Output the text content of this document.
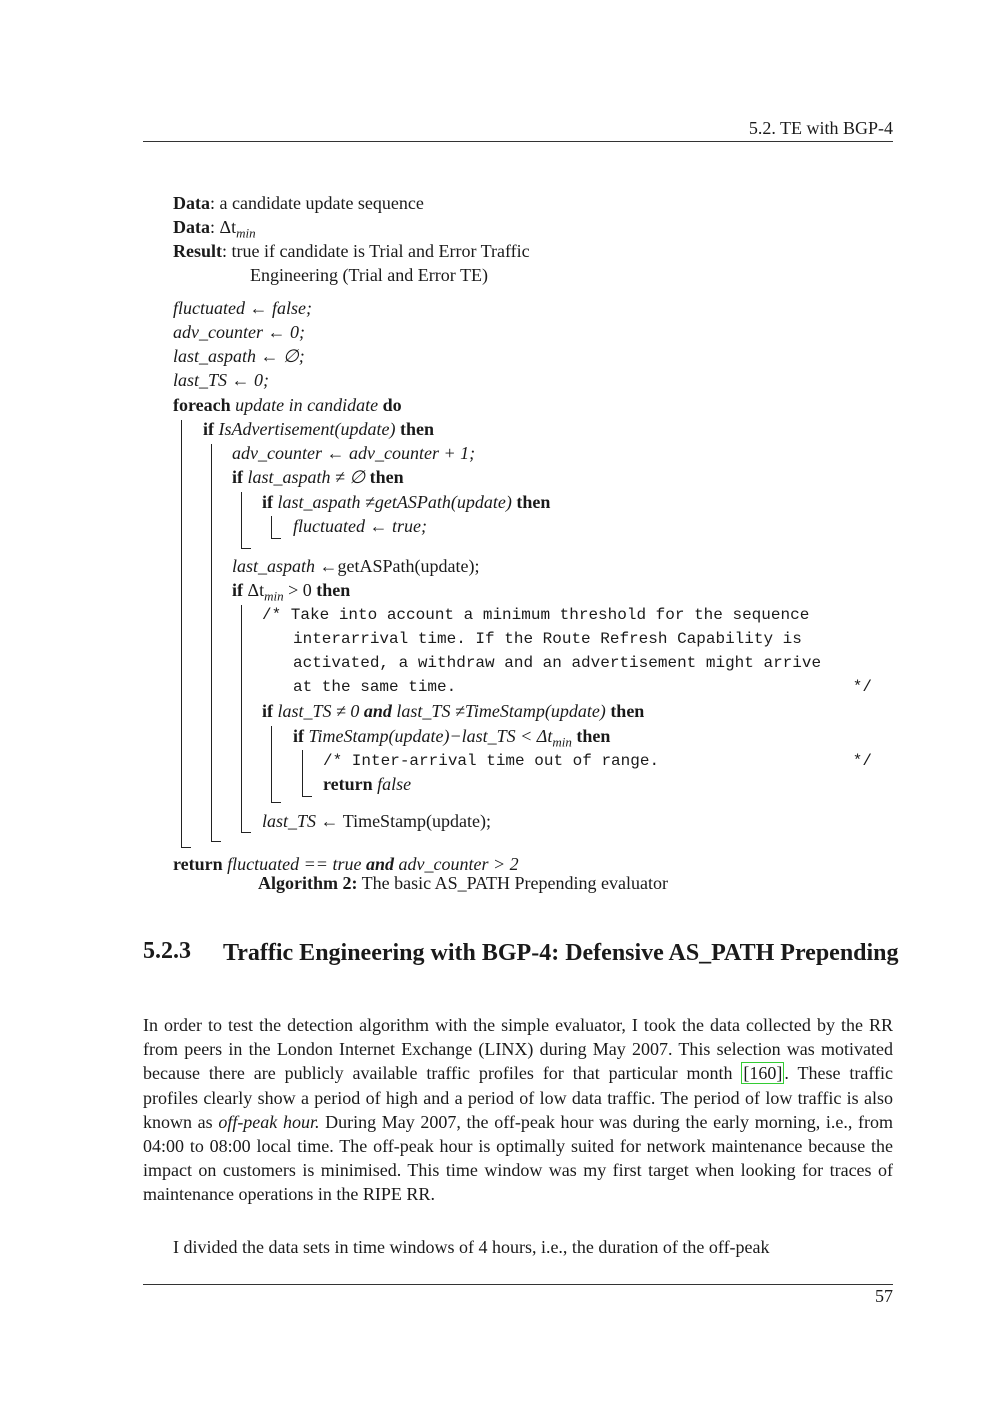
5.2. TE with BGP-4
Data: a candidate update sequence
Data: $\Delta t_{min}$
Result: true if candidate is Trial and Error Traffic
Engineering (Trial and Error TE)
fluctuated ← false;
adv_counter ← 0;
last_aspath ← ∅;
last_TS ← 0;
foreach update in candidate do
if IsAdvertisement(update) then
adv_counter ← adv_counter + 1;
if last_aspath ≠ ∅ then
if last_aspath ≠getASPath(update) then
fluctuated ← true;
last_aspath ←getASPath(update);
if $\Delta t_{min} > 0$ then
/* Take into account a minimum threshold for the sequence
interarrival time. If the Route Refresh Capability is
activated, a withdraw and an advertisement might arrive
at the same time.	*/
if last_TS ≠ 0 and last_TS ≠TimeStamp(update) then
if TimeStamp(update)−last_TS < $\Delta t_{min}$ then
/* Inter-arrival time out of range.	*/
return false
last_TS ← TimeStamp(update);
return fluctuated == true and adv_counter > 2
Algorithm 2: The basic AS_PATH Prepending evaluator
5.2.3 Traffic Engineering with BGP-4: Defensive AS_PATH Prepending
In order to test the detection algorithm with the simple evaluator, I took the data collected by the RR from peers in the London Internet Exchange (LINX) during May 2007. This selection was motivated because there are publicly available traffic profiles for that particular month [160] . These traffic profiles clearly show a period of high and a period of low data traffic. The period of low traffic is also known as off-peak hour. During May 2007, the off-peak hour was during the early morning, i.e., from 04:00 to 08:00 local time. The off-peak hour is optimally suited for network maintenance because the impact on customers is minimised. This time window was my first target when looking for traces of maintenance operations in the RIPE RR.
I divided the data sets in time windows of 4 hours, i.e., the duration of the off-peak
57
